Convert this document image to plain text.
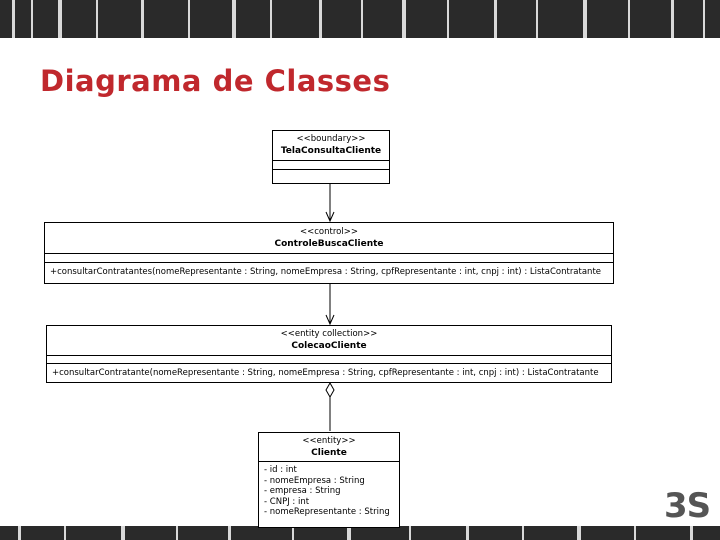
Diagrama de Classes
<<boundary>>
TelaConsultaCliente
<<control>>
ControleBuscaCliente
+consultarContratantes(nomeRepresentante : String, nomeEmpresa : String, cpfRepresentante : int, cnpj : int) : ListaContratante
<<entity collection>>
ColecaoCliente
+consultarContratante(nomeRepresentante : String, nomeEmpresa : String, cpfRepresentante : int, cnpj : int) : ListaContratante
<<entity>>
Cliente
- id : int
- nomeEmpresa : String
- empresa : String
- CNPJ : int
- nomeRepresentante : String	3S
